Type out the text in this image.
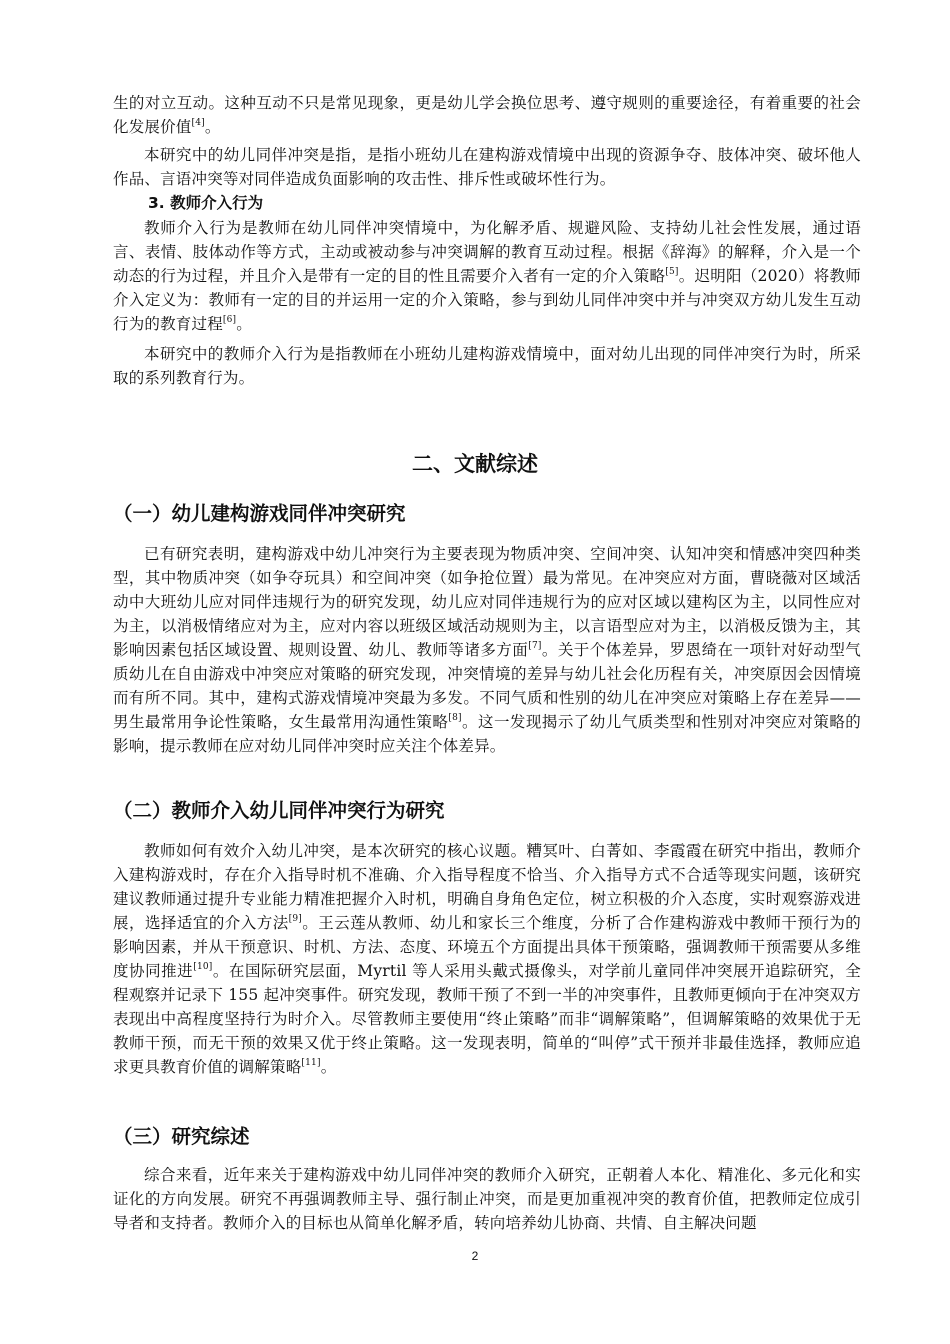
生的对立互动。这种互动不只是常见现象，更是幼儿学会换位思考、遵守规则的重要途径，有着重要的社会化发展价值[4]。

本研究中的幼儿同伴冲突是指，是指小班幼儿在建构游戏情境中出现的资源争夺、肢体冲突、破坏他人作品、言语冲突等对同伴造成负面影响的攻击性、排斥性或破坏性行为。

3. 教师介入行为

教师介入行为是教师在幼儿同伴冲突情境中，为化解矛盾、规避风险、支持幼儿社会性发展，通过语言、表情、肢体动作等方式，主动或被动参与冲突调解的教育互动过程。根据《辞海》的解释，介入是一个动态的行为过程，并且介入是带有一定的目的性且需要介入者有一定的介入策略[5]。迟明阳（2020）将教师介入定义为：教师有一定的目的并运用一定的介入策略，参与到幼儿同伴冲突中并与冲突双方幼儿发生互动行为的教育过程[6]。

本研究中的教师介入行为是指教师在小班幼儿建构游戏情境中，面对幼儿出现的同伴冲突行为时，所采取的系列教育行为。

二、文献综述

（一）幼儿建构游戏同伴冲突研究

已有研究表明，建构游戏中幼儿冲突行为主要表现为物质冲突、空间冲突、认知冲突和情感冲突四种类型，其中物质冲突（如争夺玩具）和空间冲突（如争抢位置）最为常见。在冲突应对方面，曹晓薇对区域活动中大班幼儿应对同伴违规行为的研究发现，幼儿应对同伴违规行为的应对区域以建构区为主，以同性应对为主，以消极情绪应对为主，应对内容以班级区域活动规则为主，以言语型应对为主，以消极反馈为主，其影响因素包括区域设置、规则设置、幼儿、教师等诸多方面[7]。关于个体差异，罗恩绮在一项针对好动型气质幼儿在自由游戏中冲突应对策略的研究发现，冲突情境的差异与幼儿社会化历程有关，冲突原因会因情境而有所不同。其中，建构式游戏情境冲突最为多发。不同气质和性别的幼儿在冲突应对策略上存在差异——男生最常用争论性策略，女生最常用沟通性策略[8]。这一发现揭示了幼儿气质类型和性别对冲突应对策略的影响，提示教师在应对幼儿同伴冲突时应关注个体差异。

（二）教师介入幼儿同伴冲突行为研究

教师如何有效介入幼儿冲突，是本次研究的核心议题。糟冥叶、白菁如、李霞霞在研究中指出，教师介入建构游戏时，存在介入指导时机不准确、介入指导程度不恰当、介入指导方式不合适等现实问题，该研究建议教师通过提升专业能力精准把握介入时机，明确自身角色定位，树立积极的介入态度，实时观察游戏进展，选择适宜的介入方法[9]。王云莲从教师、幼儿和家长三个维度，分析了合作建构游戏中教师干预行为的影响因素，并从干预意识、时机、方法、态度、环境五个方面提出具体干预策略，强调教师干预需要从多维度协同推进[10]。在国际研究层面，Myrtil 等人采用头戴式摄像头，对学前儿童同伴冲突展开追踪研究，全程观察并记录下 155 起冲突事件。研究发现，教师干预了不到一半的冲突事件，且教师更倾向于在冲突双方表现出中高程度坚持行为时介入。尽管教师主要使用“终止策略”而非“调解策略”，但调解策略的效果优于无教师干预，而无干预的效果又优于终止策略。这一发现表明，简单的“叫停”式干预并非最佳选择，教师应追求更具教育价值的调解策略[11]。

（三）研究综述

综合来看，近年来关于建构游戏中幼儿同伴冲突的教师介入研究，正朝着人本化、精准化、多元化和实证化的方向发展。研究不再强调教师主导、强行制止冲突，而是更加重视冲突的教育价值，把教师定位成引导者和支持者。教师介入的目标也从简单化解矛盾，转向培养幼儿协商、共情、自主解决问题

2
